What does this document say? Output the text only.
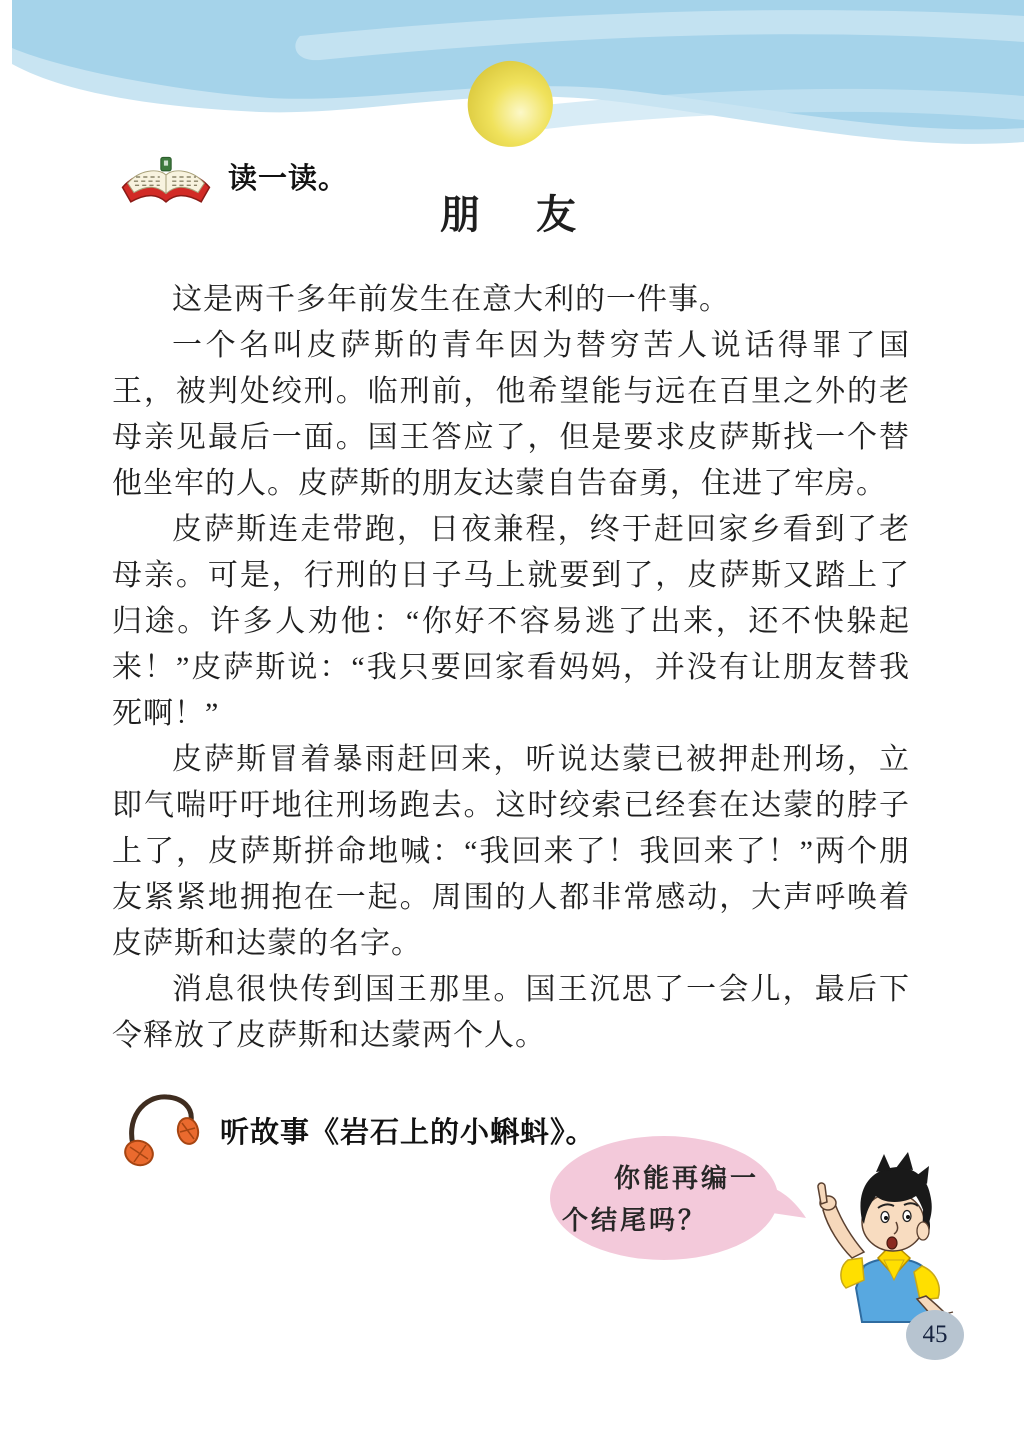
读一读。
朋　友

这是两千多年前发生在意大利的一件事。

一个名叫皮萨斯的青年因为替穷苦人说话得罪了国王，被判处绞刑。临刑前，他希望能与远在百里之外的老母亲见最后一面。国王答应了，但是要求皮萨斯找一个替他坐牢的人。皮萨斯的朋友达蒙自告奋勇，住进了牢房。

皮萨斯连走带跑，日夜兼程，终于赶回家乡看到了老母亲。可是，行刑的日子马上就要到了，皮萨斯又踏上了归途。许多人劝他：“你好不容易逃了出来，还不快躲起来！”皮萨斯说：“我只要回家看妈妈，并没有让朋友替我死啊！”

皮萨斯冒着暴雨赶回来，听说达蒙已被押赴刑场，立即气喘吁吁地往刑场跑去。这时绞索已经套在达蒙的脖子上了，皮萨斯拼命地喊：“我回来了！我回来了！”两个朋友紧紧地拥抱在一起。周围的人都非常感动，大声呼唤着皮萨斯和达蒙的名字。

消息很快传到国王那里。国王沉思了一会儿，最后下令释放了皮萨斯和达蒙两个人。

听故事《岩石上的小蝌蚪》。
你能再编一
个结尾吗？
45
